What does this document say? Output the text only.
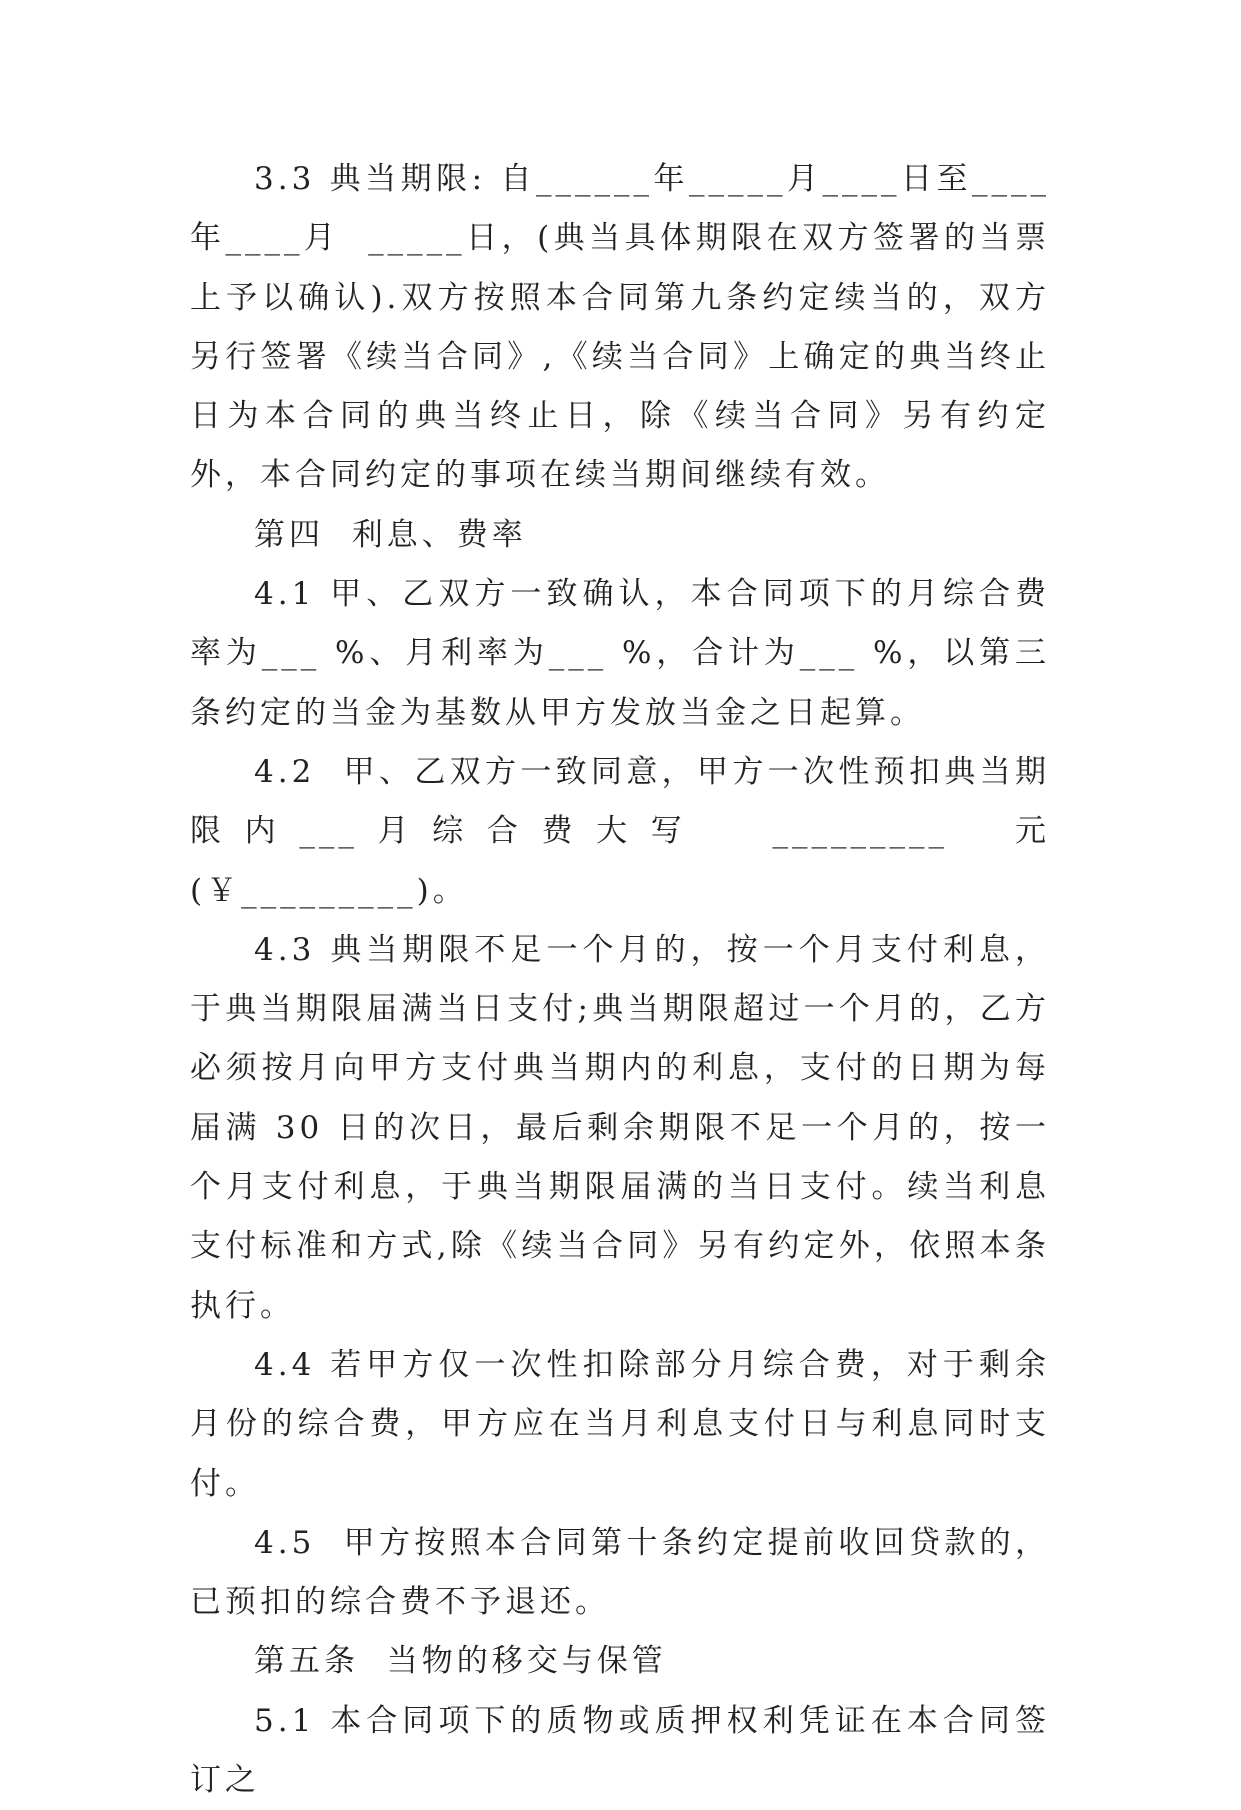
3.3 典当期限: 自______年_____月____日至____年____月  _____日，(典当具体期限在双方签署的当票上予以确认).双方按照本合同第九条约定续当的，双方另行签署《续当合同》,《续当合同》上确定的典当终止日为本合同的典当终止日，除《续当合同》另有约定外，本合同约定的事项在续当期间继续有效。

第四  利息、费率

4.1 甲、乙双方一致确认，本合同项下的月综合费率为___ %、月利率为___ %，合计为___ %，以第三条约定的当金为基数从甲方发放当金之日起算。

4.2  甲、乙双方一致同意，甲方一次性预扣典当期限内___月综合费大写  _________  元(￥_________)。

4.3 典当期限不足一个月的，按一个月支付利息，于典当期限届满当日支付;典当期限超过一个月的，乙方必须按月向甲方支付典当期内的利息，支付的日期为每届满 30 日的次日，最后剩余期限不足一个月的，按一个月支付利息，于典当期限届满的当日支付。续当利息支付标准和方式,除《续当合同》另有约定外，依照本条执行。

4.4 若甲方仅一次性扣除部分月综合费，对于剩余月份的综合费，甲方应在当月利息支付日与利息同时支付。

4.5  甲方按照本合同第十条约定提前收回贷款的，已预扣的综合费不予退还。

第五条  当物的移交与保管

5.1 本合同项下的质物或质押权利凭证在本合同签订之
